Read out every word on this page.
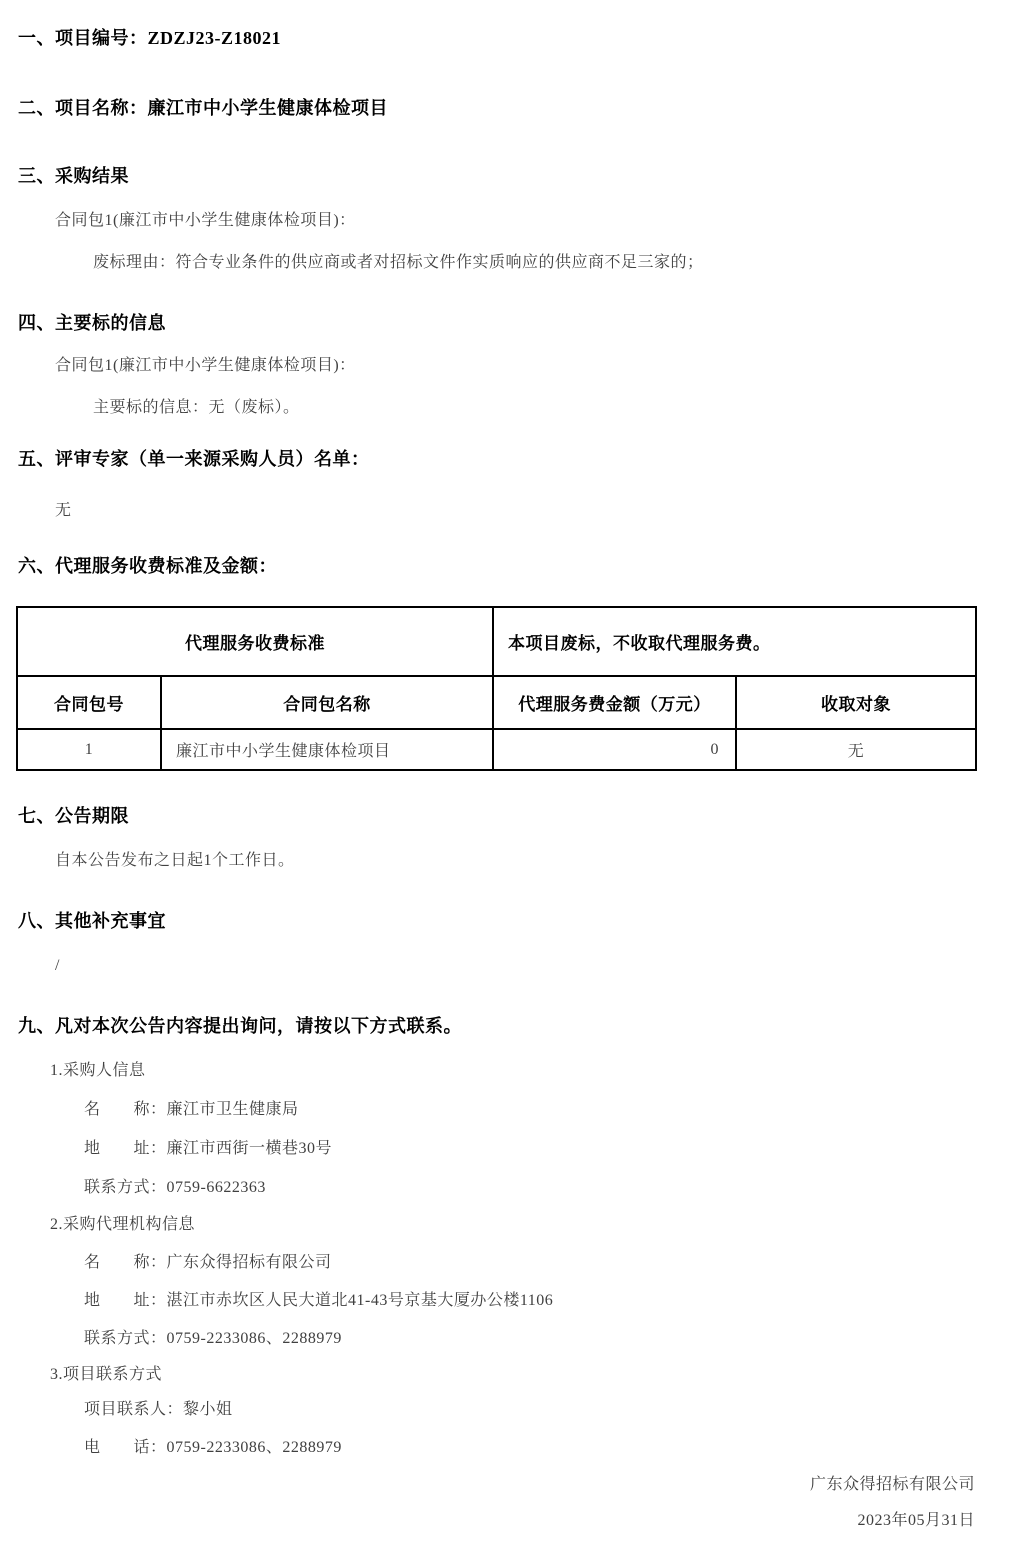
一、项目编号：ZDZJ23-Z18021
二、项目名称：廉江市中小学生健康体检项目
三、采购结果
合同包1(廉江市中小学生健康体检项目)：
废标理由：符合专业条件的供应商或者对招标文件作实质响应的供应商不足三家的；
四、主要标的信息
合同包1(廉江市中小学生健康体检项目)：
主要标的信息：无（废标）。
五、评审专家（单一来源采购人员）名单：
无
六、代理服务收费标准及金额：
代理服务收费标准		本项目废标，不收取代理服务费。	
合同包号	合同包名称	代理服务费金额（万元）	收取对象
1	廉江市中小学生健康体检项目	0	无
七、公告期限
自本公告发布之日起1个工作日。
八、其他补充事宜
/
九、凡对本次公告内容提出询问，请按以下方式联系。
1.采购人信息
名　　称：廉江市卫生健康局
地　　址：廉江市西街一横巷30号
联系方式：0759-6622363
2.采购代理机构信息
名　　称：广东众得招标有限公司
地　　址：湛江市赤坎区人民大道北41-43号京基大厦办公楼1106
联系方式：0759-2233086、2288979
3.项目联系方式
项目联系人：黎小姐
电　　话：0759-2233086、2288979
广东众得招标有限公司
2023年05月31日
